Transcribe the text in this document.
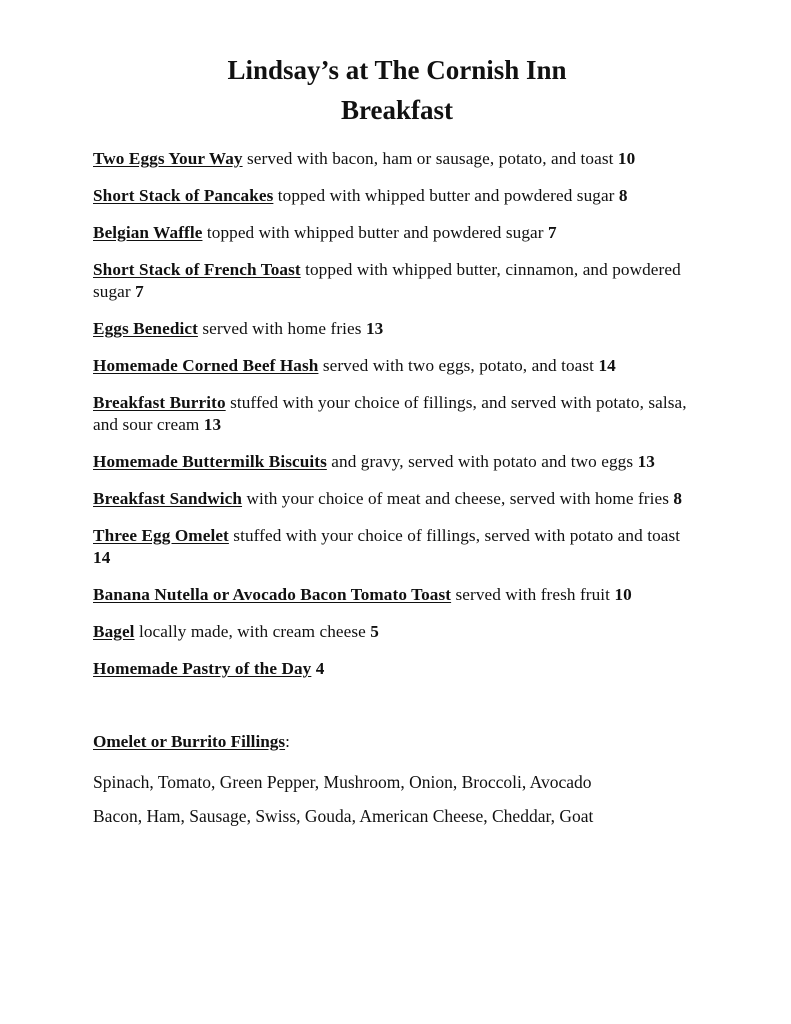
Lindsay’s at The Cornish Inn
Breakfast
Two Eggs Your Way served with bacon, ham or sausage, potato, and toast 10
Short Stack of Pancakes topped with whipped butter and powdered sugar 8
Belgian Waffle topped with whipped butter and powdered sugar 7
Short Stack of French Toast topped with whipped butter, cinnamon, and powdered sugar 7
Eggs Benedict served with home fries 13
Homemade Corned Beef Hash served with two eggs, potato, and toast 14
Breakfast Burrito stuffed with your choice of fillings, and served with potato, salsa, and sour cream 13
Homemade Buttermilk Biscuits and gravy, served with potato and two eggs 13
Breakfast Sandwich with your choice of meat and cheese, served with home fries 8
Three Egg Omelet stuffed with your choice of fillings, served with potato and toast 14
Banana Nutella or Avocado Bacon Tomato Toast served with fresh fruit 10
Bagel locally made, with cream cheese 5
Homemade Pastry of the Day 4

Omelet or Burrito Fillings:

Spinach, Tomato, Green Pepper, Mushroom, Onion, Broccoli, Avocado

Bacon, Ham, Sausage, Swiss, Gouda, American Cheese, Cheddar, Goat
